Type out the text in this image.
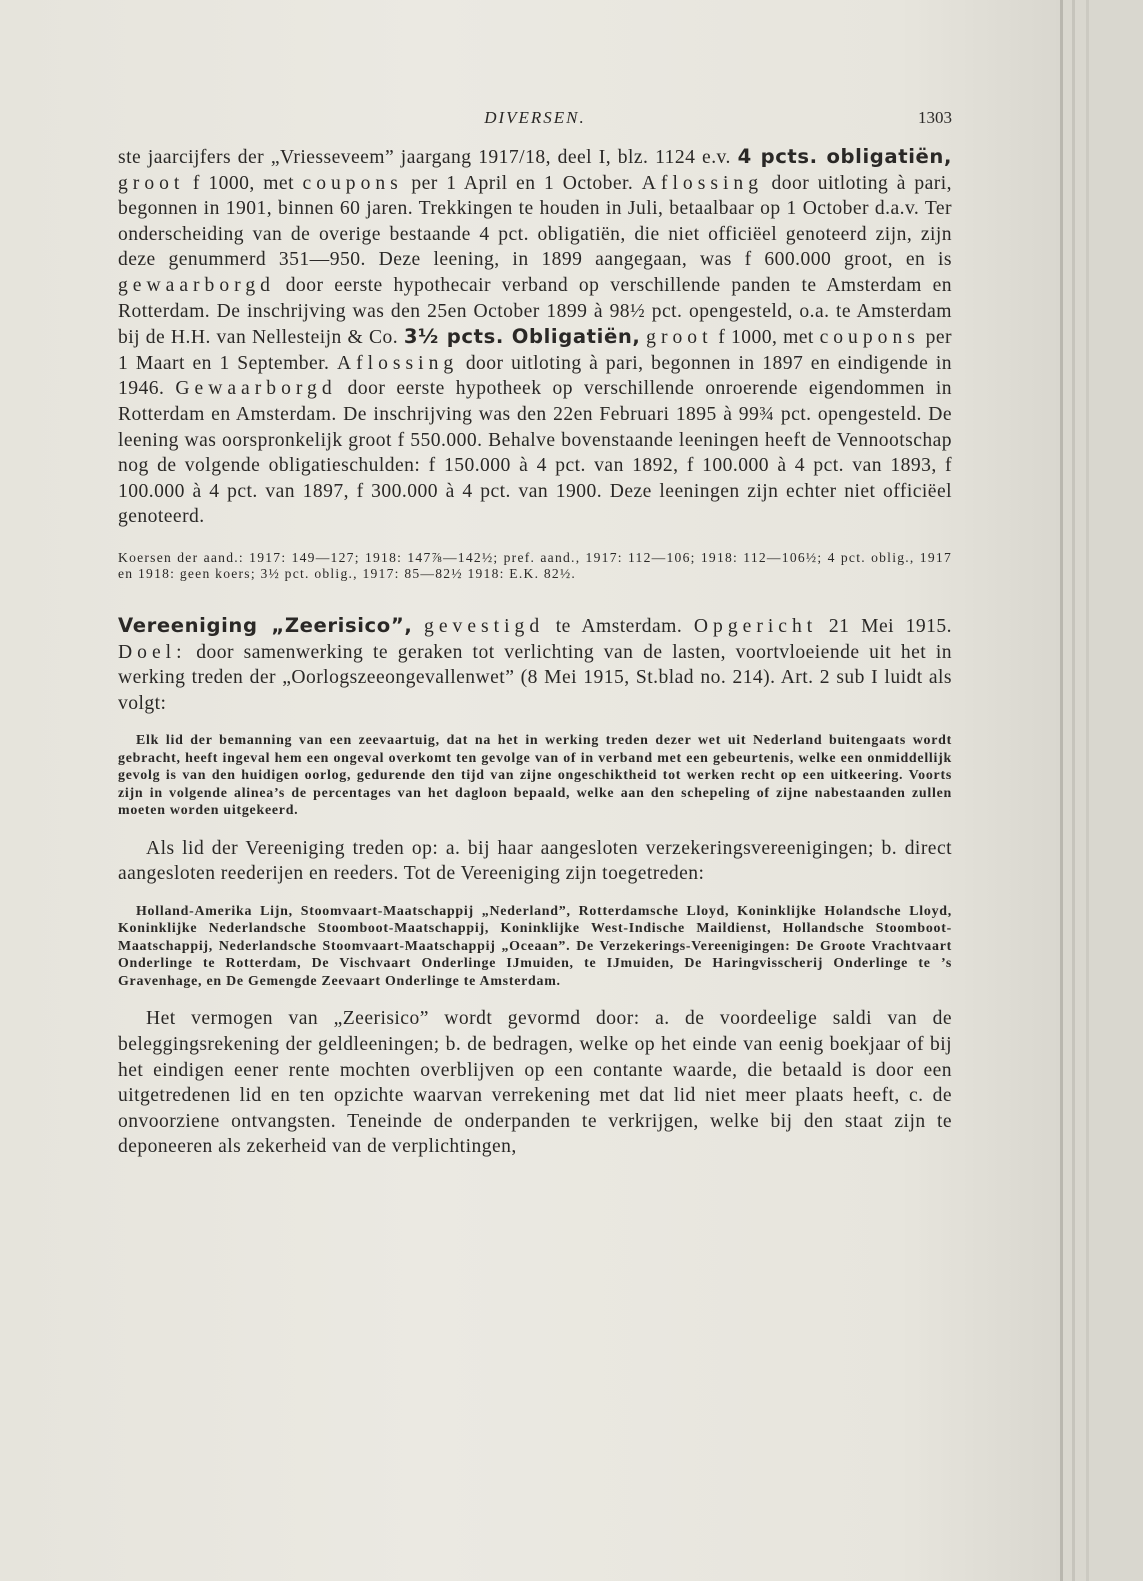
DIVERSEN.	1303

ste jaarcijfers der „Vriesseveem” jaargang 1917/18, deel I, blz. 1124 e.v. 4 pcts. obligatiën, groot f 1000, met coupons per 1 April en 1 October. Aflossing door uitloting à pari, begonnen in 1901, binnen 60 jaren. Trekkingen te houden in Juli, betaalbaar op 1 October d.a.v. Ter onderscheiding van de overige bestaande 4 pct. obligatiën, die niet officiëel genoteerd zijn, zijn deze genummerd 351—950. Deze leening, in 1899 aangegaan, was f 600.000 groot, en is gewaarborgd door eerste hypothecair verband op verschillende panden te Amsterdam en Rotterdam. De inschrijving was den 25en October 1899 à 98½ pct. opengesteld, o.a. te Amsterdam bij de H.H. van Nellesteijn & Co. 3½ pcts. Obligatiën, groot f 1000, met coupons per 1 Maart en 1 September. Aflossing door uitloting à pari, begonnen in 1897 en eindigende in 1946. Gewaarborgd door eerste hypotheek op verschillende onroerende eigendommen in Rotterdam en Amsterdam. De inschrijving was den 22en Februari 1895 à 99¾ pct. opengesteld. De leening was oorspronkelijk groot f 550.000. Behalve bovenstaande leeningen heeft de Vennootschap nog de volgende obligatieschulden: f 150.000 à 4 pct. van 1892, f 100.000 à 4 pct. van 1893, f 100.000 à 4 pct. van 1897, f 300.000 à 4 pct. van 1900. Deze leeningen zijn echter niet officiëel genoteerd.

Koersen der aand.: 1917: 149—127; 1918: 147⅞—142½; pref. aand., 1917: 112—106; 1918: 112—106½; 4 pct. oblig., 1917 en 1918: geen koers; 3½ pct. oblig., 1917: 85—82½ 1918: E.K. 82½.

Vereeniging „Zeerisico”, gevestigd te Amsterdam. Opgericht 21 Mei 1915. Doel: door samenwerking te geraken tot verlichting van de lasten, voortvloeiende uit het in werking treden der „Oorlogszeeongevallenwet” (8 Mei 1915, St.blad no. 214). Art. 2 sub I luidt als volgt:

Elk lid der bemanning van een zeevaartuig, dat na het in werking treden dezer wet uit Nederland buitengaats wordt gebracht, heeft ingeval hem een ongeval overkomt ten gevolge van of in verband met een gebeurtenis, welke een onmiddellijk gevolg is van den huidigen oorlog, gedurende den tijd van zijne ongeschiktheid tot werken recht op een uitkeering. Voorts zijn in volgende alinea’s de percentages van het dagloon bepaald, welke aan den schepeling of zijne nabestaanden zullen moeten worden uitgekeerd.

Als lid der Vereeniging treden op: a. bij haar aangesloten verzekeringsvereenigingen; b. direct aangesloten reederijen en reeders. Tot de Vereeniging zijn toegetreden:

Holland-Amerika Lijn, Stoomvaart-Maatschappij „Nederland”, Rotterdamsche Lloyd, Koninklijke Holandsche Lloyd, Koninklijke Nederlandsche Stoomboot-Maatschappij, Koninklijke West-Indische Maildienst, Hollandsche Stoomboot-Maatschappij, Nederlandsche Stoomvaart-Maatschappij „Oceaan”. De Verzekerings-Vereenigingen: De Groote Vrachtvaart Onderlinge te Rotterdam, De Vischvaart Onderlinge IJmuiden, te IJmuiden, De Haringvisscherij Onderlinge te ’s Gravenhage, en De Gemengde Zeevaart Onderlinge te Amsterdam.

Het vermogen van „Zeerisico” wordt gevormd door: a. de voordeelige saldi van de beleggingsrekening der geldleeningen; b. de bedragen, welke op het einde van eenig boekjaar of bij het eindigen eener rente mochten overblijven op een contante waarde, die betaald is door een uitgetredenen lid en ten opzichte waarvan verrekening met dat lid niet meer plaats heeft, c. de onvoorziene ontvangsten. Teneinde de onderpanden te verkrijgen, welke bij den staat zijn te deponeeren als zekerheid van de verplichtingen,
